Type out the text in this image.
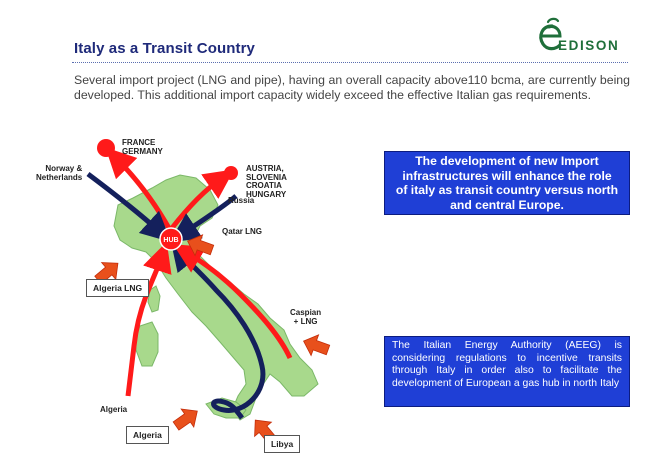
Italy as a Transit Country	EDISON
Several import project (LNG and pipe), having an overall capacity above110 bcma, are currently being developed. This additional import capacity widely exceed the effective Italian gas requirements.
HUB
FRANCE
GERMANY
AUSTRIA,
SLOVENIA
CROATIA
HUNGARY
Norway &
Netherlands
Russia
Qatar LNG
Algeria LNG
Caspian
+ LNG
Algeria
Algeria
Libya
The development of new Import infrastructures will enhance the role of italy as transit country versus north and central Europe.
The Italian Energy Authority (AEEG) is considering regulations to incentive transits through Italy in order also to facilitate the development of European a gas hub in north Italy
